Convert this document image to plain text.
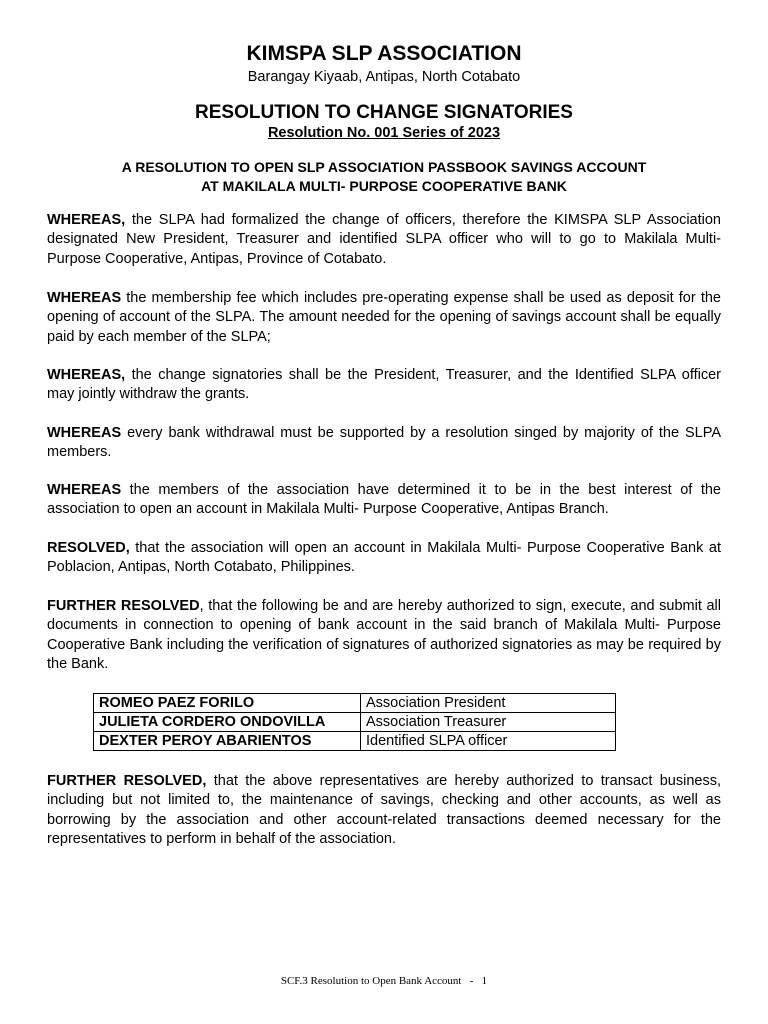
KIMSPA SLP ASSOCIATION
Barangay Kiyaab, Antipas, North Cotabato
RESOLUTION TO CHANGE SIGNATORIES
Resolution No. 001 Series of 2023
A RESOLUTION TO OPEN SLP ASSOCIATION PASSBOOK SAVINGS ACCOUNT
AT MAKILALA MULTI- PURPOSE COOPERATIVE BANK

WHEREAS, the SLPA had formalized the change of officers, therefore the KIMSPA SLP Association designated New President, Treasurer and identified SLPA officer who will to go to Makilala Multi- Purpose Cooperative, Antipas, Province of Cotabato.

WHEREAS the membership fee which includes pre-operating expense shall be used as deposit for the opening of account of the SLPA. The amount needed for the opening of savings account shall be equally paid by each member of the SLPA;

WHEREAS, the change signatories shall be the President, Treasurer, and the Identified SLPA officer may jointly withdraw the grants.

WHEREAS every bank withdrawal must be supported by a resolution singed by majority of the SLPA members.

WHEREAS the members of the association have determined it to be in the best interest of the association to open an account in Makilala Multi- Purpose Cooperative, Antipas Branch.

RESOLVED, that the association will open an account in Makilala Multi- Purpose Cooperative Bank at Poblacion, Antipas, North Cotabato, Philippines.

FURTHER RESOLVED, that the following be and are hereby authorized to sign, execute, and submit all documents in connection to opening of bank account in the said branch of Makilala Multi- Purpose Cooperative Bank including the verification of signatures of authorized signatories as may be required by the Bank.

ROMEO PAEZ FORILO	Association President
JULIETA CORDERO ONDOVILLA	Association Treasurer
DEXTER PEROY ABARIENTOS	Identified SLPA officer

FURTHER RESOLVED, that the above representatives are hereby authorized to transact business, including but not limited to, the maintenance of savings, checking and other accounts, as well as borrowing by the association and other account-related transactions deemed necessary for the representatives to perform in behalf of the association.

SCF.3 Resolution to Open Bank Account   -   1
